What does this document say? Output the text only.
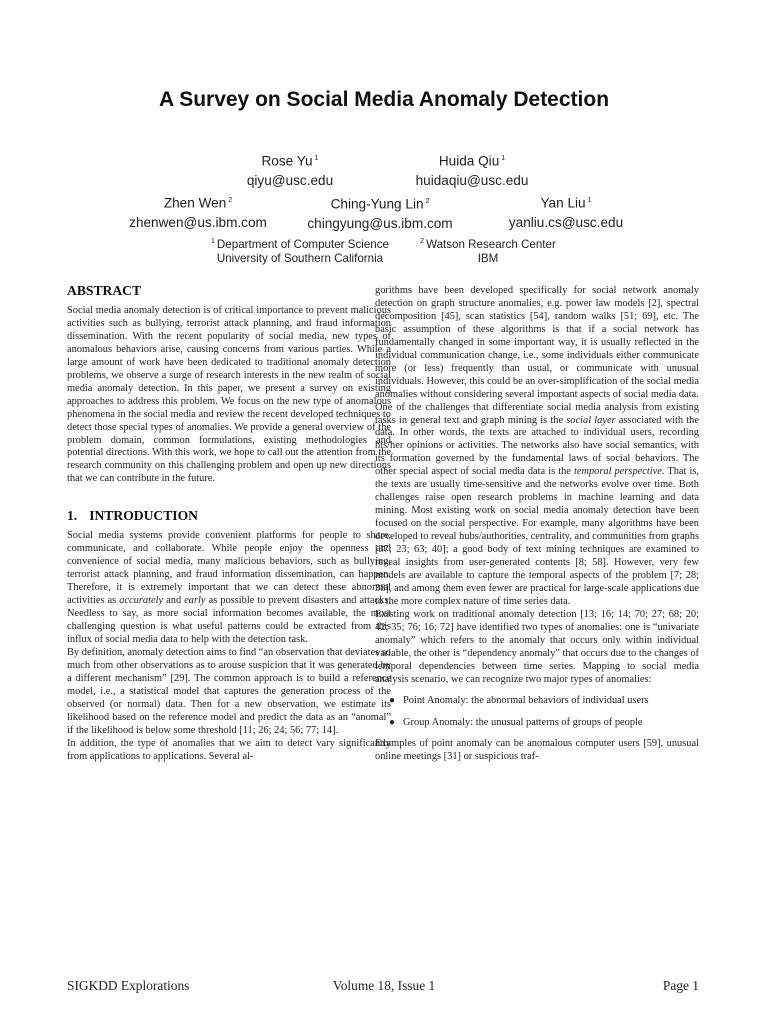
A Survey on Social Media Anomaly Detection
Rose Yu $^1$
qiyu@usc.edu
Huida Qiu $^1$
huidaqiu@usc.edu
Zhen Wen $^2$
zhenwen@us.ibm.com
Ching-Yung Lin $^2$
chingyung@us.ibm.com
Yan Liu $^1$
yanliu.cs@usc.edu
$^1$ Department of Computer Science
University of Southern California
$^2$ Watson Research Center
IBM
ABSTRACT

Social media anomaly detection is of critical importance to prevent malicious activities such as bullying, terrorist attack planning, and fraud information dissemination. With the recent popularity of social media, new types of anomalous behaviors arise, causing concerns from various parties. While a large amount of work have been dedicated to traditional anomaly detection problems, we observe a surge of research interests in the new realm of social media anomaly detection. In this paper, we present a survey on existing approaches to address this problem. We focus on the new type of anomalous phenomena in the social media and review the recent developed techniques to detect those special types of anomalies. We provide a general overview of the problem domain, common formulations, existing methodologies and potential directions. With this work, we hope to call out the attention from the research community on this challenging problem and open up new directions that we can contribute in the future.

1. INTRODUCTION

Social media systems provide convenient platforms for people to share, communicate, and collaborate. While people enjoy the openness and convenience of social media, many malicious behaviors, such as bullying, terrorist attack planning, and fraud information dissemination, can happen. Therefore, it is extremely important that we can detect these abnormal activities as accurately and early as possible to prevent disasters and attacks. Needless to say, as more social information becomes available, the most challenging question is what useful patterns could be extracted from this influx of social media data to help with the detection task.

By definition, anomaly detection aims to find “an observation that deviates so much from other observations as to arouse suspicion that it was generated by a different mechanism” [29]. The common approach is to build a reference model, i.e., a statistical model that captures the generation process of the observed (or normal) data. Then for a new observation, we estimate its likelihood based on the reference model and predict the data as an “anomal” if the likelihood is below some threshold [11; 26; 24; 56; 77; 14].

In addition, the type of anomalies that we aim to detect vary significantly from applications to applications. Several al-

gorithms have been developed specifically for social network anomaly detection on graph structure anomalies, e.g. power law models [2], spectral decomposition [45], scan statistics [54], random walks [51; 69], etc. The basic assumption of these algorithms is that if a social network has fundamentally changed in some important way, it is usually reflected in the individual communication change, i.e., some individuals either communicate more (or less) frequently than usual, or communicate with unusual individuals. However, this could be an over-simplification of the social media anomalies without considering several important aspects of social media data.

One of the challenges that differentiate social media analysis from existing tasks in general text and graph mining is the social layer associated with the data. In other words, the texts are attached to individual users, recording his/her opinions or activities. The networks also have social semantics, with its formation governed by the fundamental laws of social behaviors. The other special aspect of social media data is the temporal perspective. That is, the texts are usually time-sensitive and the networks evolve over time. Both challenges raise open research problems in machine learning and data mining. Most existing work on social media anomaly detection have been focused on the social perspective. For example, many algorithms have been developed to reveal hubs/authorities, centrality, and communities from graphs [37; 23; 63; 40]; a good body of text mining techniques are examined to reveal insights from user-generated contents [8; 58]. However, very few models are available to capture the temporal aspects of the problem [7; 28; 38], and among them even fewer are practical for large-scale applications due to the more complex nature of time series data.

Existing work on traditional anomaly detection [13; 16; 14; 70; 27; 68; 20; 42; 35; 76; 16; 72] have identified two types of anomalies: one is “univariate anomaly” which refers to the anomaly that occurs only within individual variable, the other is “dependency anomaly” that occurs due to the changes of temporal dependencies between time series. Mapping to social media analysis scenario, we can recognize two major types of anomalies:

● Point Anomaly: the abnormal behaviors of individual users
● Group Anomaly: the unusual patterns of groups of people

Examples of point anomaly can be anomalous computer users [59], unusual online meetings [31] or suspicious traf-

SIGKDD Explorations	Volume 18, Issue 1	Page 1
